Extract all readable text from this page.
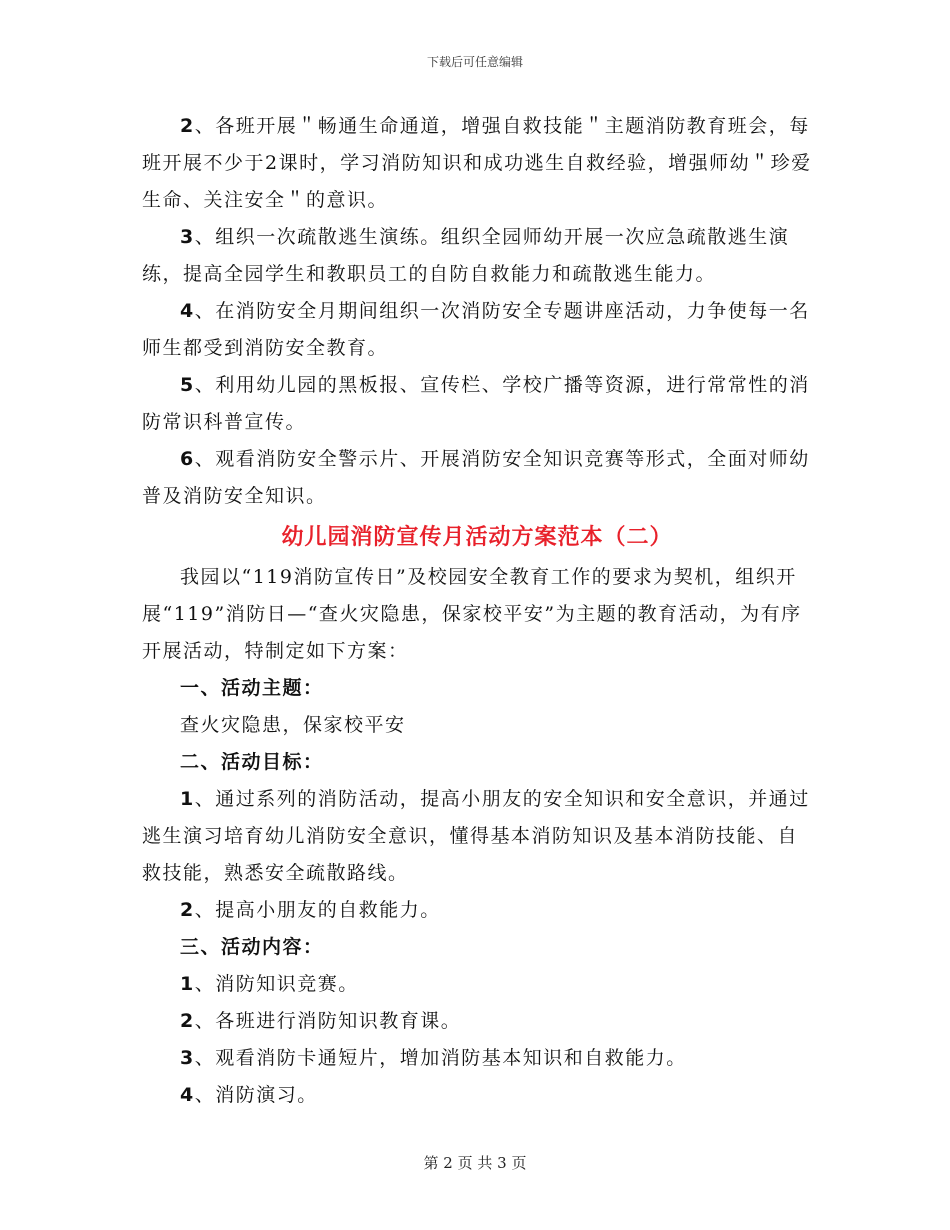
下载后可任意编辑

2、各班开展＂畅通生命通道，增强自救技能＂主题消防教育班会，每班开展不少于2课时，学习消防知识和成功逃生自救经验，增强师幼＂珍爱生命、关注安全＂的意识。

3、组织一次疏散逃生演练。组织全园师幼开展一次应急疏散逃生演练，提高全园学生和教职员工的自防自救能力和疏散逃生能力。

4、在消防安全月期间组织一次消防安全专题讲座活动，力争使每一名师生都受到消防安全教育。

5、利用幼儿园的黑板报、宣传栏、学校广播等资源，进行常常性的消防常识科普宣传。

6、观看消防安全警示片、开展消防安全知识竞赛等形式，全面对师幼普及消防安全知识。

幼儿园消防宣传月活动方案范本（二）

我园以“119消防宣传日”及校园安全教育工作的要求为契机，组织开展“119”消防日—“查火灾隐患，保家校平安”为主题的教育活动，为有序开展活动，特制定如下方案：

一、活动主题：

查火灾隐患，保家校平安

二、活动目标：

1、通过系列的消防活动，提高小朋友的安全知识和安全意识，并通过逃生演习培育幼儿消防安全意识，懂得基本消防知识及基本消防技能、自救技能，熟悉安全疏散路线。

2、提高小朋友的自救能力。

三、活动内容：

1、消防知识竞赛。

2、各班进行消防知识教育课。

3、观看消防卡通短片，增加消防基本知识和自救能力。

4、消防演习。

第 2 页 共 3 页
